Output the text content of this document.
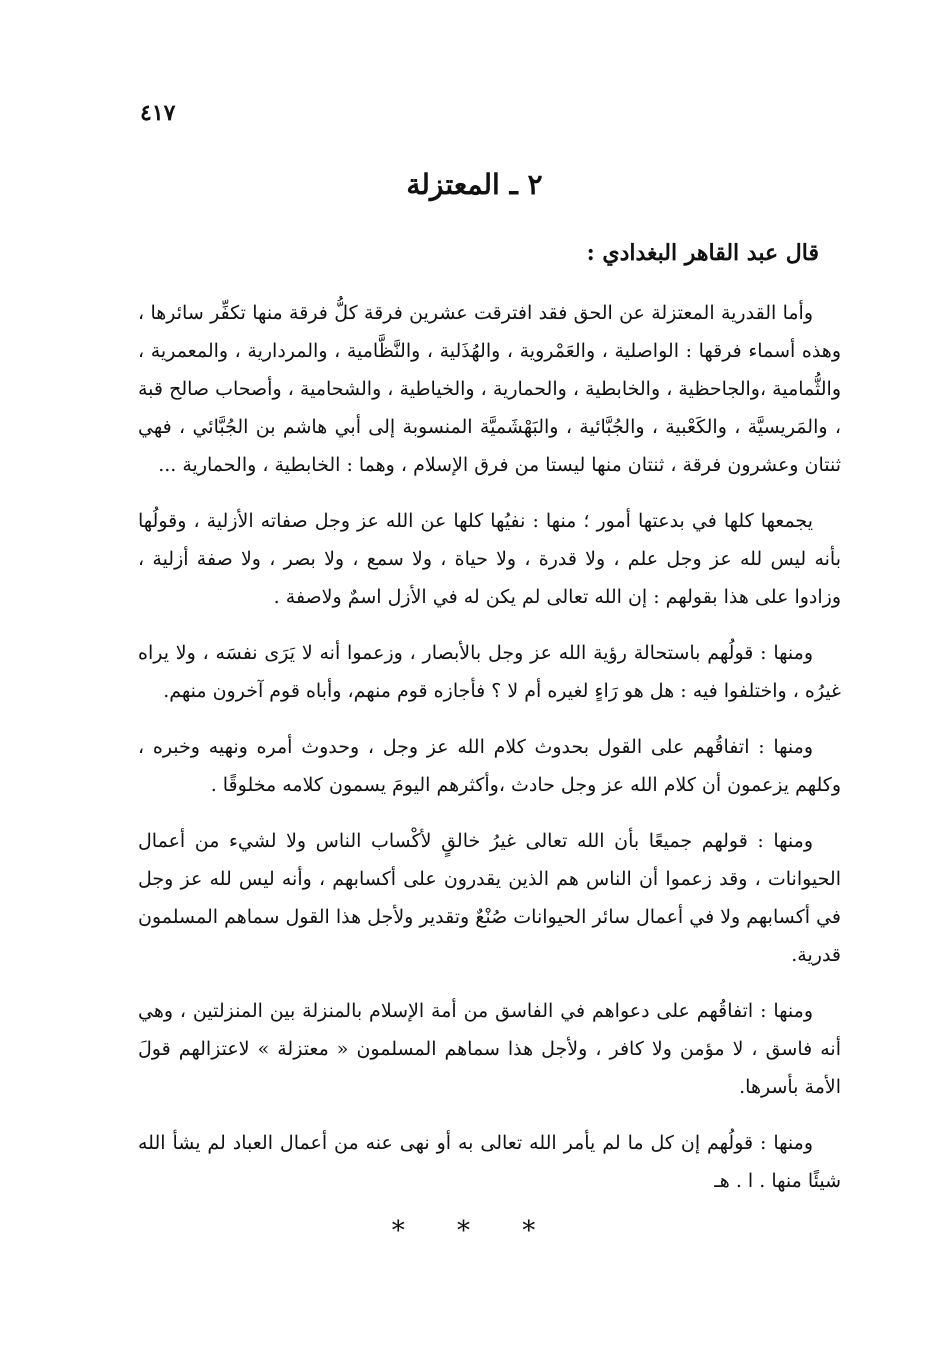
٤١٧
٢ ـ المعتزلة
قال عبد القاهر البغدادي :

وأما القدرية المعتزلة عن الحق فقد افترقت عشرين فرقة كلُّ فرقة منها تكفِّر سائرها ، وهذه أسماء فرقها : الواصلية ، والعَمْروية ، والهُذَلية ، والنَّظَّامية ، والمردارية ، والمعمرية ، والثُّمامية ،والجاحظية ، والخابطية ، والحمارية ، والخياطية ، والشحامية ، وأصحاب صالح قبة ، والمَريسيَّة ، والكَعْبية ، والجُبَّائية ، والبَهْشَميَّة المنسوبة إلى أبي هاشم بن الجُبَّائي ، فهي ثنتان وعشرون فرقة ، ثنتان منها ليستا من فرق الإسلام ، وهما : الخابطية ، والحمارية ...

يجمعها كلها في بدعتها أمور ؛ منها : نفيُها كلها عن الله عز وجل صفاته الأزلية ، وقولُها بأنه ليس لله عز وجل علم ، ولا قدرة ، ولا حياة ، ولا سمع ، ولا بصر ، ولا صفة أزلية ، وزادوا على هذا بقولهم : إن الله تعالى لم يكن له في الأزل اسمٌ ولاصفة .

ومنها : قولُهم باستحالة رؤية الله عز وجل بالأبصار ، وزعموا أنه لا يَرَى نفسَه ، ولا يراه غيرُه ، واختلفوا فيه : هل هو رَاءٍ لغيره أم لا ؟ فأجازه قوم منهم، وأباه قوم آخرون منهم.

ومنها : اتفاقُهم على القول بحدوث كلام الله عز وجل ، وحدوث أمره ونهيه وخبره ، وكلهم يزعمون أن كلام الله عز وجل حادث ،وأكثرهم اليومَ يسمون كلامه مخلوقًا .

ومنها : قولهم جميعًا بأن الله تعالى غيرُ خالقٍ لأكْساب الناس ولا لشيء من أعمال الحيوانات ، وقد زعموا أن الناس هم الذين يقدرون على أكسابهم ، وأنه ليس لله عز وجل في أكسابهم ولا في أعمال سائر الحيوانات صُنْعٌ وتقدير ولأجل هذا القول سماهم المسلمون قدرية.

ومنها : اتفاقُهم على دعواهم في الفاسق من أمة الإسلام بالمنزلة بين المنزلتين ، وهي أنه فاسق ، لا مؤمن ولا كافر ، ولأجل هذا سماهم المسلمون « معتزلة » لاعتزالهم قولَ الأمة بأسرها.

ومنها : قولُهم إن كل ما لم يأمر الله تعالى به أو نهى عنه من أعمال العباد لم يشأ الله شيئًا منها . ا . هـ

* * *
